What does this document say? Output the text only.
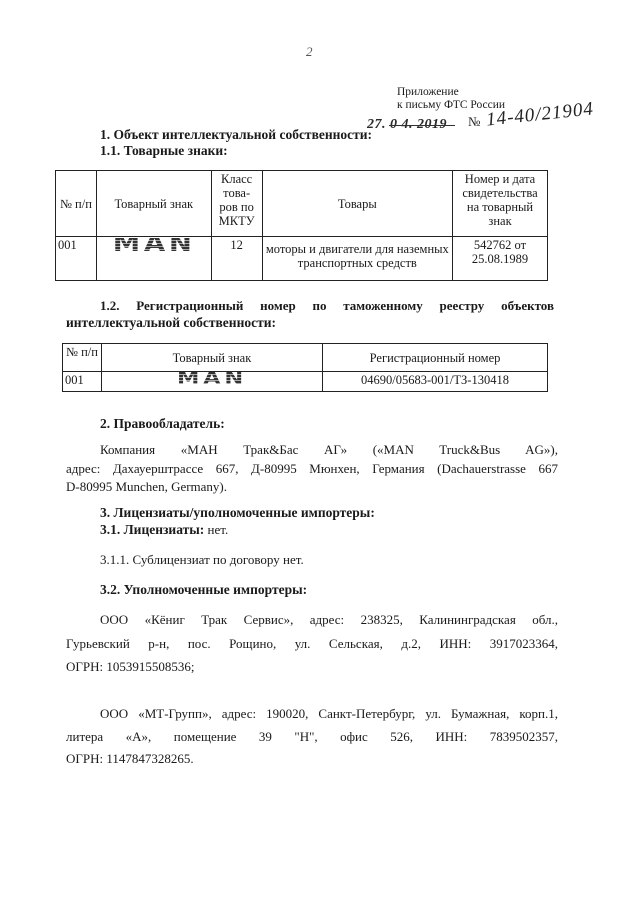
2
Приложение
к письму ФТС России
27. 0 4. 2019 № 14-40/21904
1. Объект интеллектуальной собственности:
1.1. Товарные знаки:
№ п/п	Товарный знак	Класс това- ров по МКТУ	Товары	Номер и дата свидетельства на товарный знак
001	MAN	12	моторы и двигатели для наземных транспортных средств	542762 от 25.08.1989
1.2. Регистрационный номер по таможенному реестру объектов
интеллектуальной собственности:
№ п/п	Товарный знак	Регистрационный номер
001	MAN	04690/05683-001/ТЗ-130418
2. Правообладатель:
Компания «МАН Трак&Бас АГ» («MAN Truck&Bus AG»),
адрес: Дахауерштрассе 667, Д-80995 Мюнхен, Германия (Dachauerstrasse 667
D-80995 Munchen, Germany).
3. Лицензиаты/уполномоченные импортеры:
3.1. Лицензиаты: нет.
3.1.1. Сублицензиат по договору нет.
3.2. Уполномоченные импортеры:
ООО «Кёниг Трак Сервис», адрес: 238325, Калининградская обл.,
Гурьевский р-н, пос. Рощино, ул. Сельская, д.2, ИНН: 3917023364,
ОГРН: 1053915508536;
ООО «МТ-Групп», адрес: 190020, Санкт-Петербург, ул. Бумажная, корп.1,
литера «А», помещение 39 "Н", офис 526, ИНН: 7839502357,
ОГРН: 1147847328265.
